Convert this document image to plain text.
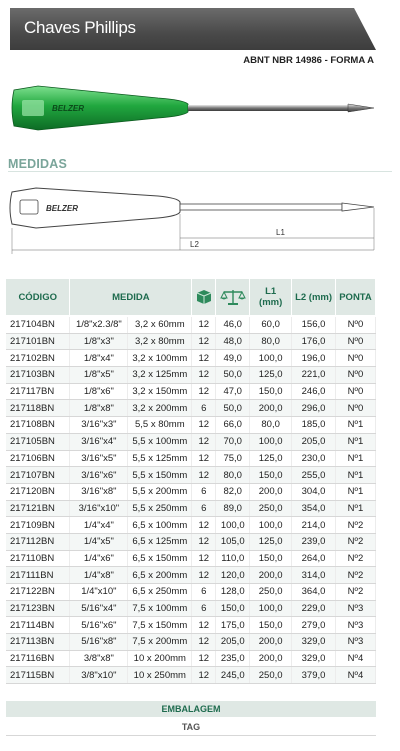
Chaves Phillips
ABNT NBR 14986 - FORMA A
BELZER
MEDIDAS
BELZER
L1
L2
CÓDIGO	MEDIDA				L1
(mm)	L2 (mm)	PONTA
217104BN	1/8"x2.3/8"	3,2 x 60mm	12	46,0	60,0	156,0	Nº0
217101BN	1/8"x3"	3,2 x 80mm	12	48,0	80,0	176,0	Nº0
217102BN	1/8"x4"	3,2 x 100mm	12	49,0	100,0	196,0	Nº0
217103BN	1/8"x5"	3,2 x 125mm	12	50,0	125,0	221,0	Nº0
217117BN	1/8"x6"	3,2 x 150mm	12	47,0	150,0	246,0	Nº0
217118BN	1/8"x8"	3,2 x 200mm	6	50,0	200,0	296,0	Nº0
217108BN	3/16"x3"	5,5 x 80mm	12	66,0	80,0	185,0	Nº1
217105BN	3/16"x4"	5,5 x 100mm	12	70,0	100,0	205,0	Nº1
217106BN	3/16"x5"	5,5 x 125mm	12	75,0	125,0	230,0	Nº1
217107BN	3/16"x6"	5,5 x 150mm	12	80,0	150,0	255,0	Nº1
217120BN	3/16"x8"	5,5 x 200mm	6	82,0	200,0	304,0	Nº1
217121BN	3/16"x10"	5,5 x 250mm	6	89,0	250,0	354,0	Nº1
217109BN	1/4"x4"	6,5 x 100mm	12	100,0	100,0	214,0	Nº2
217112BN	1/4"x5"	6,5 x 125mm	12	105,0	125,0	239,0	Nº2
217110BN	1/4"x6"	6,5 x 150mm	12	110,0	150,0	264,0	Nº2
217111BN	1/4"x8"	6,5 x 200mm	12	120,0	200,0	314,0	Nº2
217122BN	1/4"x10"	6,5 x 250mm	6	128,0	250,0	364,0	Nº2
217123BN	5/16"x4"	7,5 x 100mm	6	150,0	100,0	229,0	Nº3
217114BN	5/16"x6"	7,5 x 150mm	12	175,0	150,0	279,0	Nº3
217113BN	5/16"x8"	7,5 x 200mm	12	205,0	200,0	329,0	Nº3
217116BN	3/8"x8"	10 x 200mm	12	235,0	200,0	329,0	Nº4
217115BN	3/8"x10"	10 x 250mm	12	245,0	250,0	379,0	Nº4
EMBALAGEM
TAG
